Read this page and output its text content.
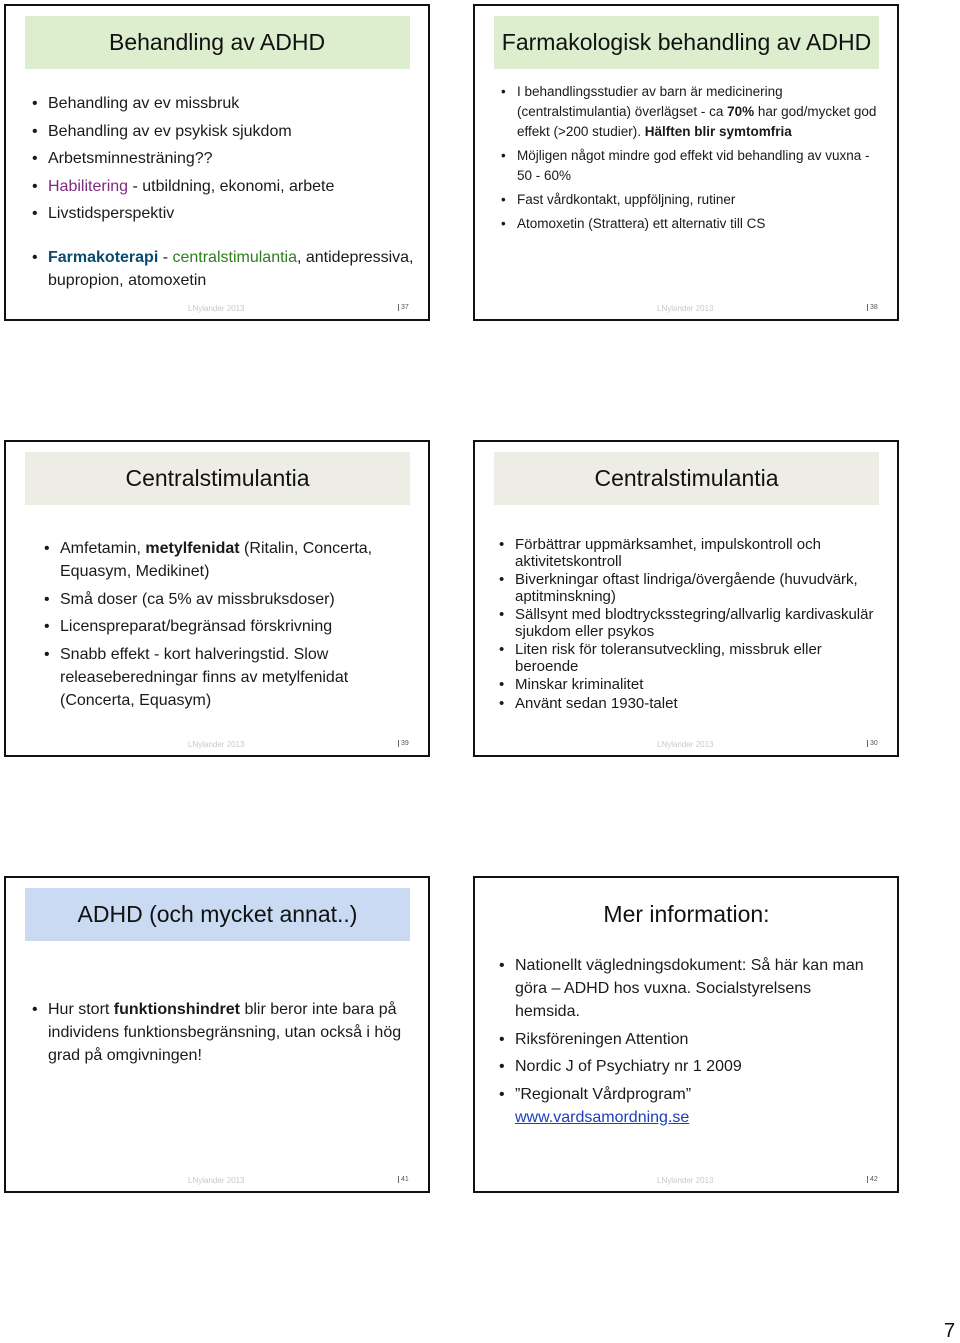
Behandling av ADHD
• Behandling av ev missbruk
• Behandling av ev psykisk sjukdom
• Arbetsminnesträning??
• Habilitering - utbildning, ekonomi, arbete
• Livstidsperspektiv
• Farmakoterapi - centralstimulantia, antidepressiva, bupropion, atomoxetin
LNylander 2013	37
Farmakologisk behandling av ADHD
• I behandlingsstudier av barn är medicinering (centralstimulantia) överlägset - ca 70% har god/mycket god effekt (>200 studier). Hälften blir symtomfria
• Möjligen något mindre god effekt vid behandling av vuxna - 50 - 60%
• Fast vårdkontakt, uppföljning, rutiner
• Atomoxetin (Strattera) ett alternativ till CS
LNylander 2013	38
Centralstimulantia
• Amfetamin, metylfenidat (Ritalin, Concerta, Equasym, Medikinet)
• Små doser (ca 5% av missbruksdoser)
• Licenspreparat/begränsad förskrivning
• Snabb effekt - kort halveringstid. Slow releaseberedningar finns av metylfenidat (Concerta, Equasym)
LNylander 2013	39
Centralstimulantia
• Förbättrar uppmärksamhet, impulskontroll och aktivitetskontroll
• Biverkningar oftast lindriga/övergående (huvudvärk, aptitminskning)
• Sällsynt med blodtrycksstegring/allvarlig kardivaskulär sjukdom eller psykos
• Liten risk för toleransutveckling, missbruk eller beroende
• Minskar kriminalitet
• Använt sedan 1930-talet
LNylander 2013	30
ADHD (och mycket annat..)
• Hur stort funktionshindret blir beror inte bara på individens funktionsbegränsning, utan också i hög grad på omgivningen!
LNylander 2013	41
Mer information:
• Nationellt vägledningsdokument: Så här kan man göra – ADHD hos vuxna. Socialstyrelsens hemsida.
• Riksföreningen Attention
• Nordic J of Psychiatry nr 1 2009
• ”Regionalt Vårdprogram”
www.vardsamordning.se
LNylander 2013	42
7
